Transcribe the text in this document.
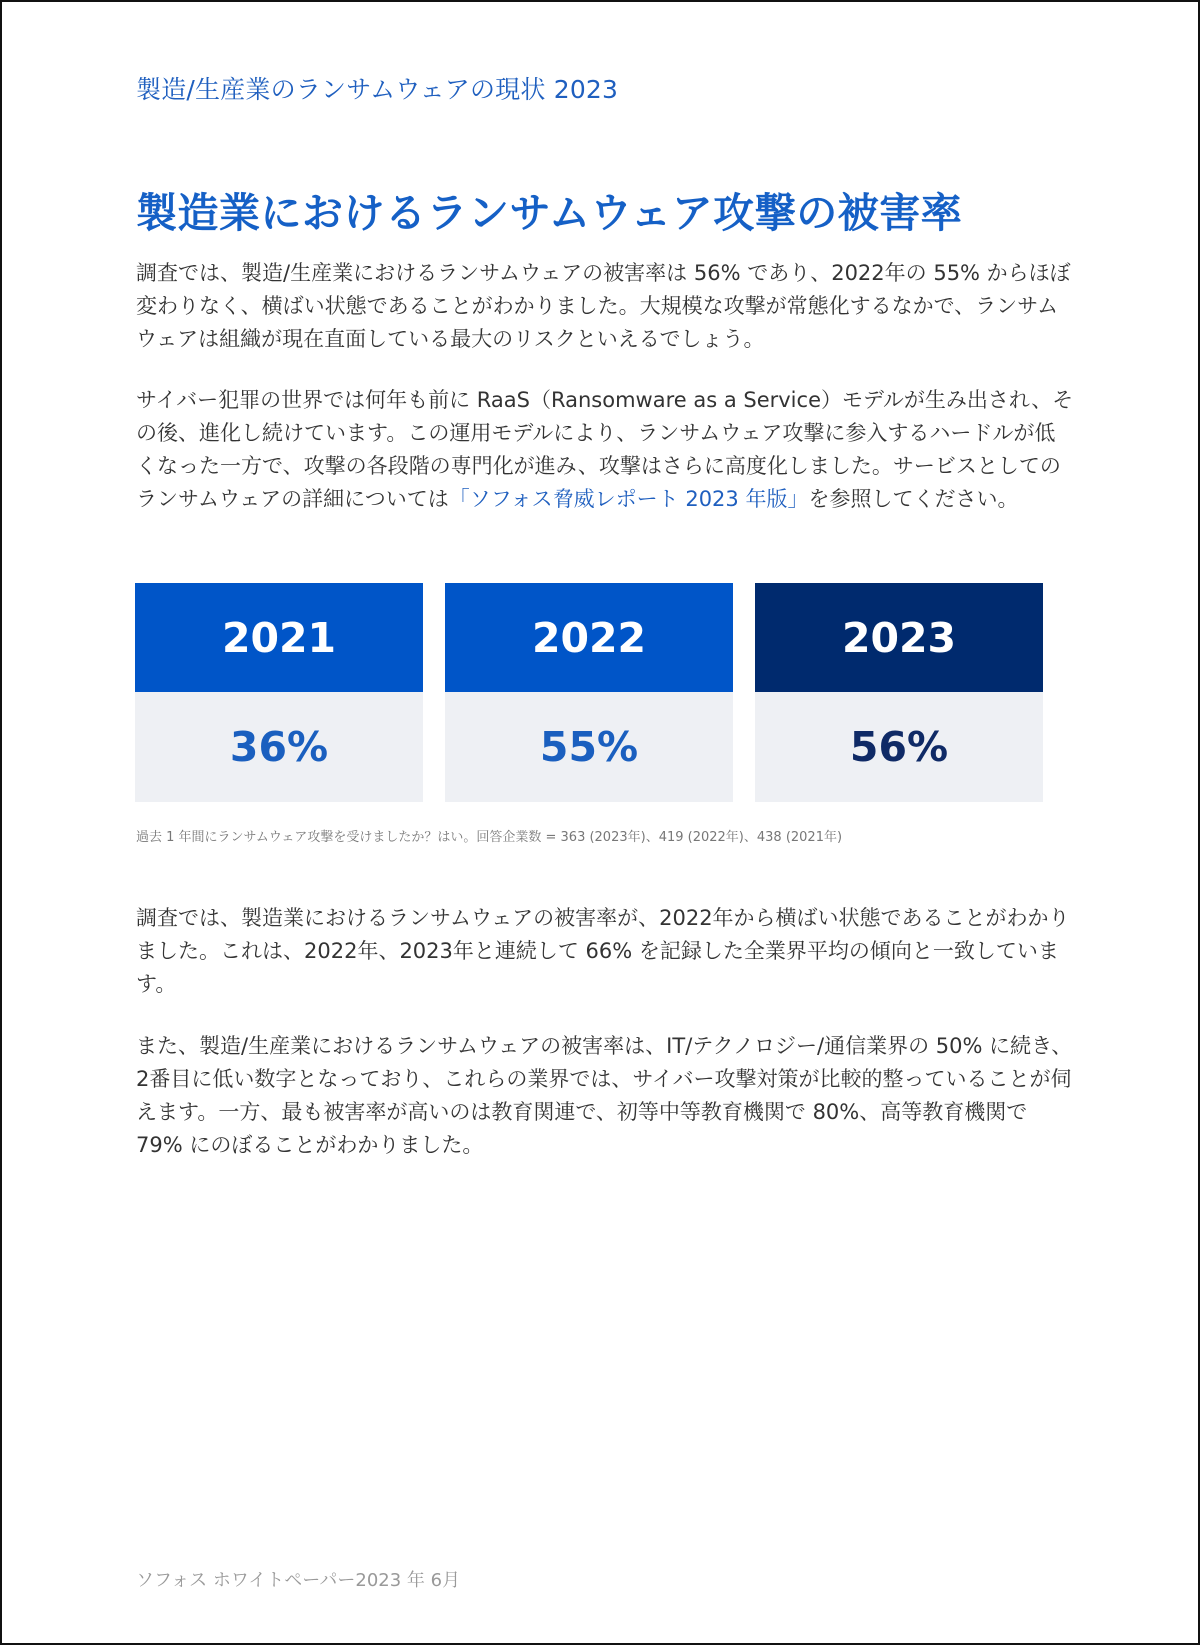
製造/生産業のランサムウェアの現状 2023
製造業におけるランサムウェア攻撃の被害率

調査では、製造/生産業におけるランサムウェアの被害率は 56% であり、2022年の 55% からほぼ変わりなく、横ばい状態であることがわかりました。大規模な攻撃が常態化するなかで、ランサムウェアは組織が現在直面している最大のリスクといえるでしょう。

サイバー犯罪の世界では何年も前に RaaS（Ransomware as a Service）モデルが生み出され、その後、進化し続けています。この運用モデルにより、ランサムウェア攻撃に参入するハードルが低くなった一方で、攻撃の各段階の専門化が進み、攻撃はさらに高度化しました。サービスとしてのランサムウェアの詳細については「ソフォス脅威レポート 2023 年版」を参照してください。

2021
36%
2022
55%
2023
56%
過去 1 年間にランサムウェア攻撃を受けましたか？はい。回答企業数 = 363 (2023年)、419 (2022年)、438 (2021年)

調査では、製造業におけるランサムウェアの被害率が、2022年から横ばい状態であることがわかりました。これは、2022年、2023年と連続して 66% を記録した全業界平均の傾向と一致しています。

また、製造/生産業におけるランサムウェアの被害率は、IT/テクノロジー/通信業界の 50% に続き、2番目に低い数字となっており、これらの業界では、サイバー攻撃対策が比較的整っていることが伺えます。一方、最も被害率が高いのは教育関連で、初等中等教育機関で 80%、高等教育機関で 79% にのぼることがわかりました。

ソフォス ホワイトペーパー2023 年 6月
